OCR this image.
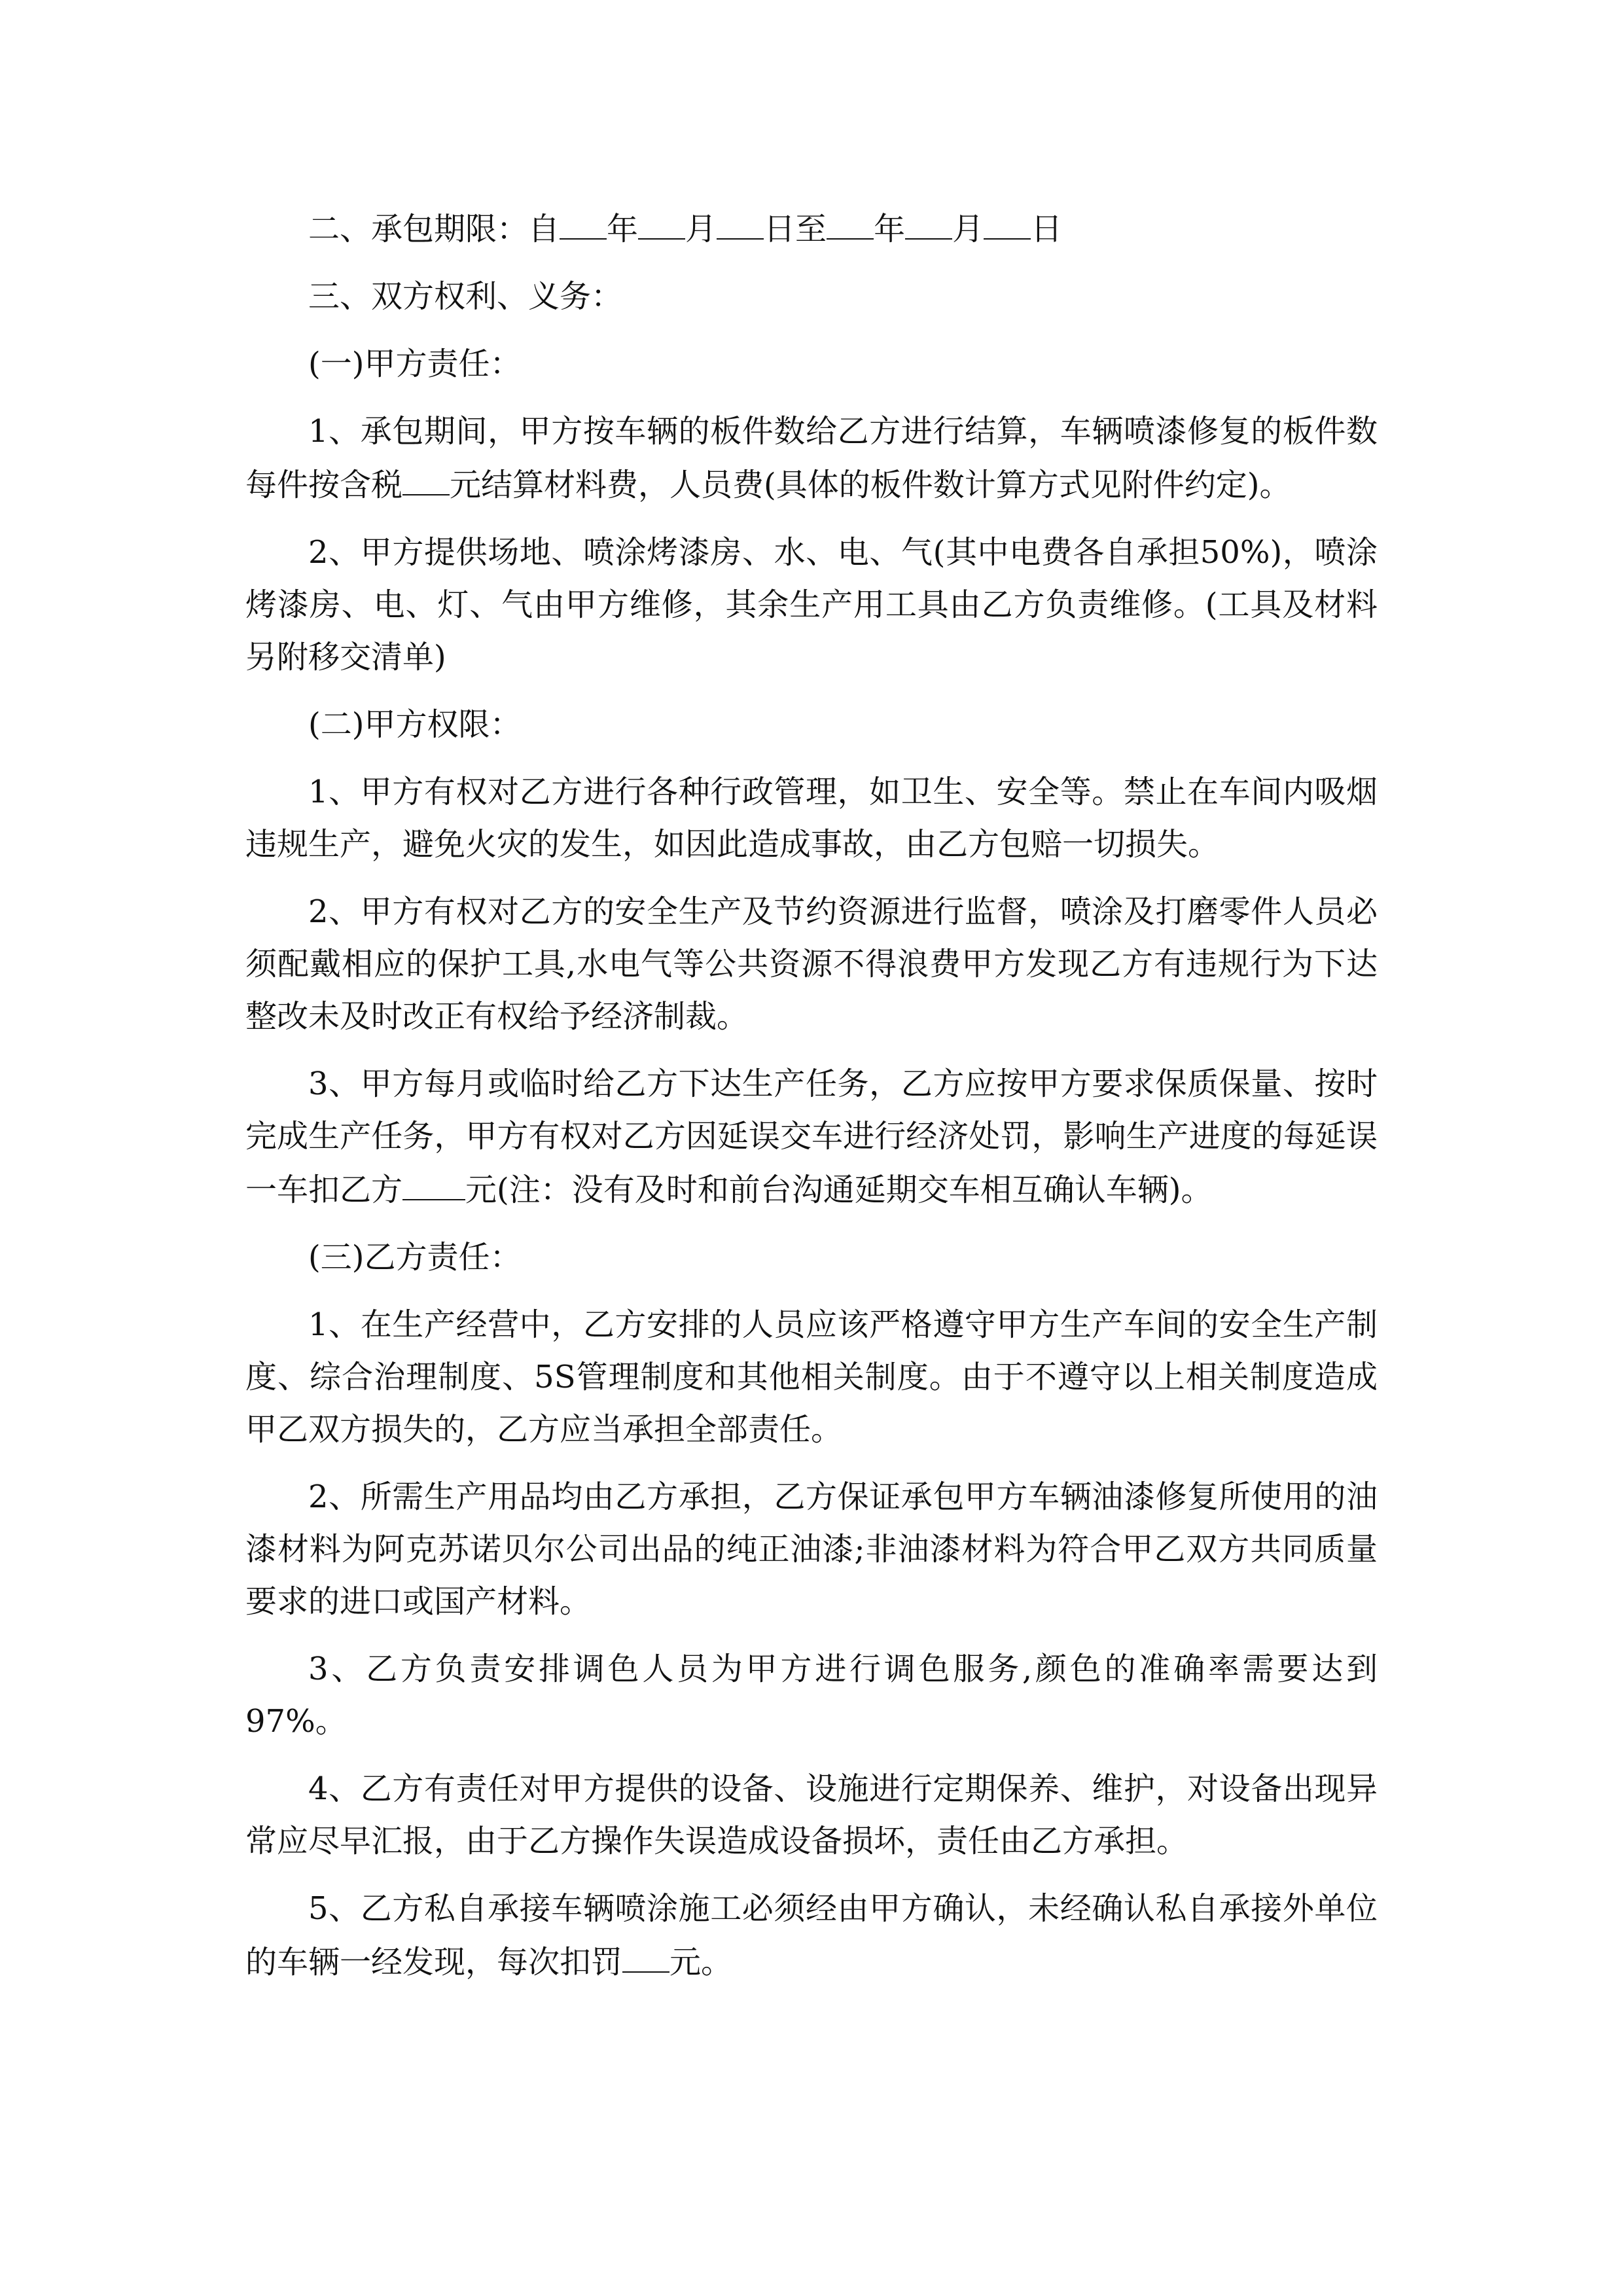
二、承包期限：自 年 月 日至 年 月 日

三、双方权利、义务：

(一)甲方责任：

1、承包期间，甲方按车辆的板件数给乙方进行结算，车辆喷漆修复的板件数每件按含税 元结算材料费，人员费(具体的板件数计算方式见附件约定)。

2、甲方提供场地、喷涂烤漆房、水、电、气(其中电费各自承担50%)，喷涂烤漆房、电、灯、气由甲方维修，其余生产用工具由乙方负责维修。(工具及材料另附移交清单)

(二)甲方权限：

1、甲方有权对乙方进行各种行政管理，如卫生、安全等。禁止在车间内吸烟违规生产，避免火灾的发生，如因此造成事故，由乙方包赔一切损失。

2、甲方有权对乙方的安全生产及节约资源进行监督，喷涂及打磨零件人员必须配戴相应的保护工具,水电气等公共资源不得浪费甲方发现乙方有违规行为下达整改未及时改正有权给予经济制裁。

3、甲方每月或临时给乙方下达生产任务，乙方应按甲方要求保质保量、按时完成生产任务，甲方有权对乙方因延误交车进行经济处罚，影响生产进度的每延误一车扣乙方 元(注：没有及时和前台沟通延期交车相互确认车辆)。

(三)乙方责任：

1、在生产经营中，乙方安排的人员应该严格遵守甲方生产车间的安全生产制度、综合治理制度、5S管理制度和其他相关制度。由于不遵守以上相关制度造成甲乙双方损失的，乙方应当承担全部责任。

2、所需生产用品均由乙方承担，乙方保证承包甲方车辆油漆修复所使用的油漆材料为阿克苏诺贝尔公司出品的纯正油漆;非油漆材料为符合甲乙双方共同质量要求的进口或国产材料。

3、乙方负责安排调色人员为甲方进行调色服务,颜色的准确率需要达到97%。

4、乙方有责任对甲方提供的设备、设施进行定期保养、维护，对设备出现异常应尽早汇报，由于乙方操作失误造成设备损坏，责任由乙方承担。

5、乙方私自承接车辆喷涂施工必须经由甲方确认，未经确认私自承接外单位的车辆一经发现，每次扣罚 元。
